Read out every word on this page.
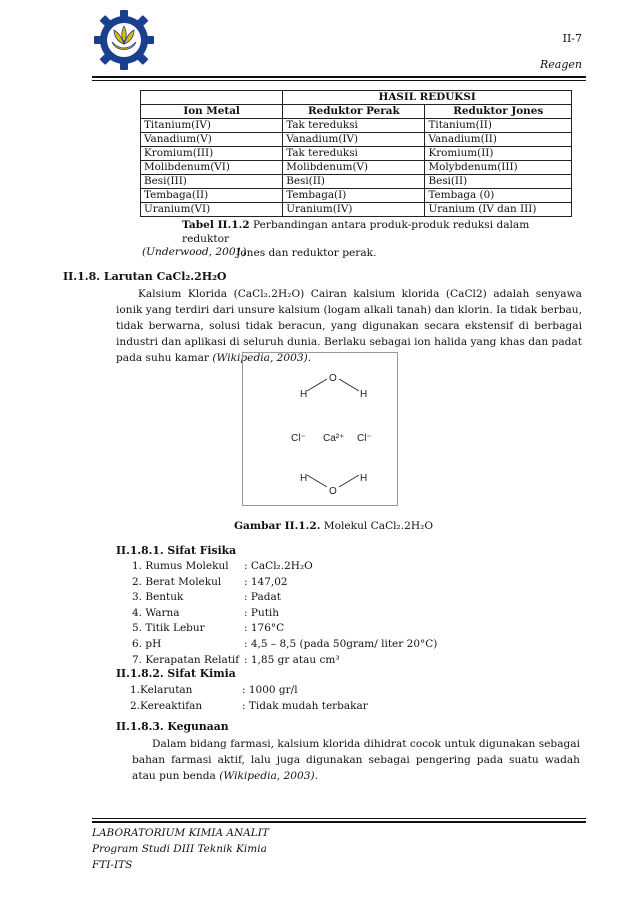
II-7
Reagen
	HASIL REDUKSI	
Ion Metal	Reduktor Perak	Reduktor Jones
Titanium(IV)	Tak tereduksi	Titanium(II)
Vanadium(V)	Vanadium(IV)	Vanadium(II)
Kromium(III)	Tak tereduksi	Kromium(II)
Molibdenum(VI)	Molibdenum(V)	Molybdenum(III)
Besi(III)	Besi(II)	Besi(II)
Tembaga(II)	Tembaga(I)	Tembaga (0)
Uranium(VI)	Uranium(IV)	Uranium (IV dan III)
Tabel II.1.2 Perbandingan antara produk-produk reduksi dalam reduktor
Jones dan reduktor perak.
(Underwood, 2001)
II.1.8. Larutan CaCl₂.2H₂O
Kalsium Klorida (CaCl₂.2H₂O) Cairan kalsium klorida (CaCl2) adalah senyawa ionik yang terdiri dari unsure kalsium (logam alkali tanah) dan klorin. Ia tidak berbau, tidak berwarna, solusi tidak beracun, yang digunakan secara ekstensif di berbagai industri dan aplikasi di seluruh dunia. Berlaku sebagai ion halida yang khas dan padat pada suhu kamar (Wikipedia, 2003).
O
H	H
Cl⁻ Ca²⁺ Cl⁻
H	H
O
Gambar II.1.2. Molekul CaCl₂.2H₂O
II.1.8.1. Sifat Fisika
1. Rumus Molekul	: CaCl₂.2H₂O
2. Berat Molekul	: 147,02
3. Bentuk	: Padat
4. Warna	: Putih
5. Titik Lebur	: 176°C
6. pH	: 4,5 – 8,5 (pada 50gram/ liter 20°C)
7. Kerapatan Relatif : 1,85 gr atau cm³
II.1.8.2. Sifat Kimia
1.Kelarutan	: 1000 gr/l
2.Kereaktifan	: Tidak mudah terbakar
II.1.8.3. Kegunaan
Dalam bidang farmasi, kalsium klorida dihidrat cocok untuk digunakan sebagai bahan farmasi aktif, lalu juga digunakan sebagai pengering pada suatu wadah atau pun benda (Wikipedia, 2003).
LABORATORIUM KIMIA ANALIT
Program Studi DIII Teknik Kimia
FTI-ITS
